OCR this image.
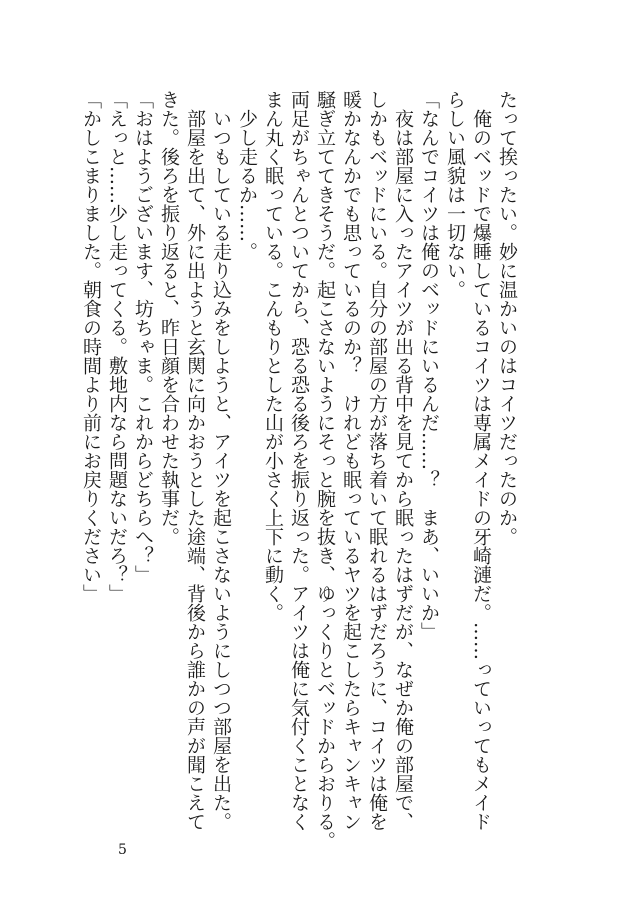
たって挨ったい。妙に温かいのはコイツだったのか。

　俺のベッドで爆睡しているコイツは専属メイドの牙崎漣だ。……っていってもメイド

らしい風貌は一切ない。

「なんでコイツは俺のベッドにいるんだ……？　まあ、いいか」

　夜は部屋に入ったアイツが出る背中を見てから眠ったはずだが、なぜか俺の部屋で、

しかもベッドにいる。自分の部屋の方が落ち着いて眠れるはずだろうに、コイツは俺を

暖かなんかでも思っているのか？　けれども眠っているヤツを起こしたらキャンキャン

騒ぎ立ててきそうだ。起こさないようにそっと腕を抜き、ゆっくりとベッドからおりる。

両足がちゃんとついてから、恐る恐る後ろを振り返った。アイツは俺に気付くことなく

まん丸く眠っている。こんもりとした山が小さく上下に動く。

　少し走るか……。

　いつもしている走り込みをしようと、アイツを起こさないようにしつつ部屋を出た。

　部屋を出て、外に出ようと玄関に向かおうとした途端、背後から誰かの声が聞こえて

きた。後ろを振り返ると、昨日顔を合わせた執事だ。

「おはようございます、坊ちゃま。これからどちらへ？」

「えっと……少し走ってくる。敷地内なら問題ないだろ？」

「かしこまりました。朝食の時間より前にお戻りください」

5
